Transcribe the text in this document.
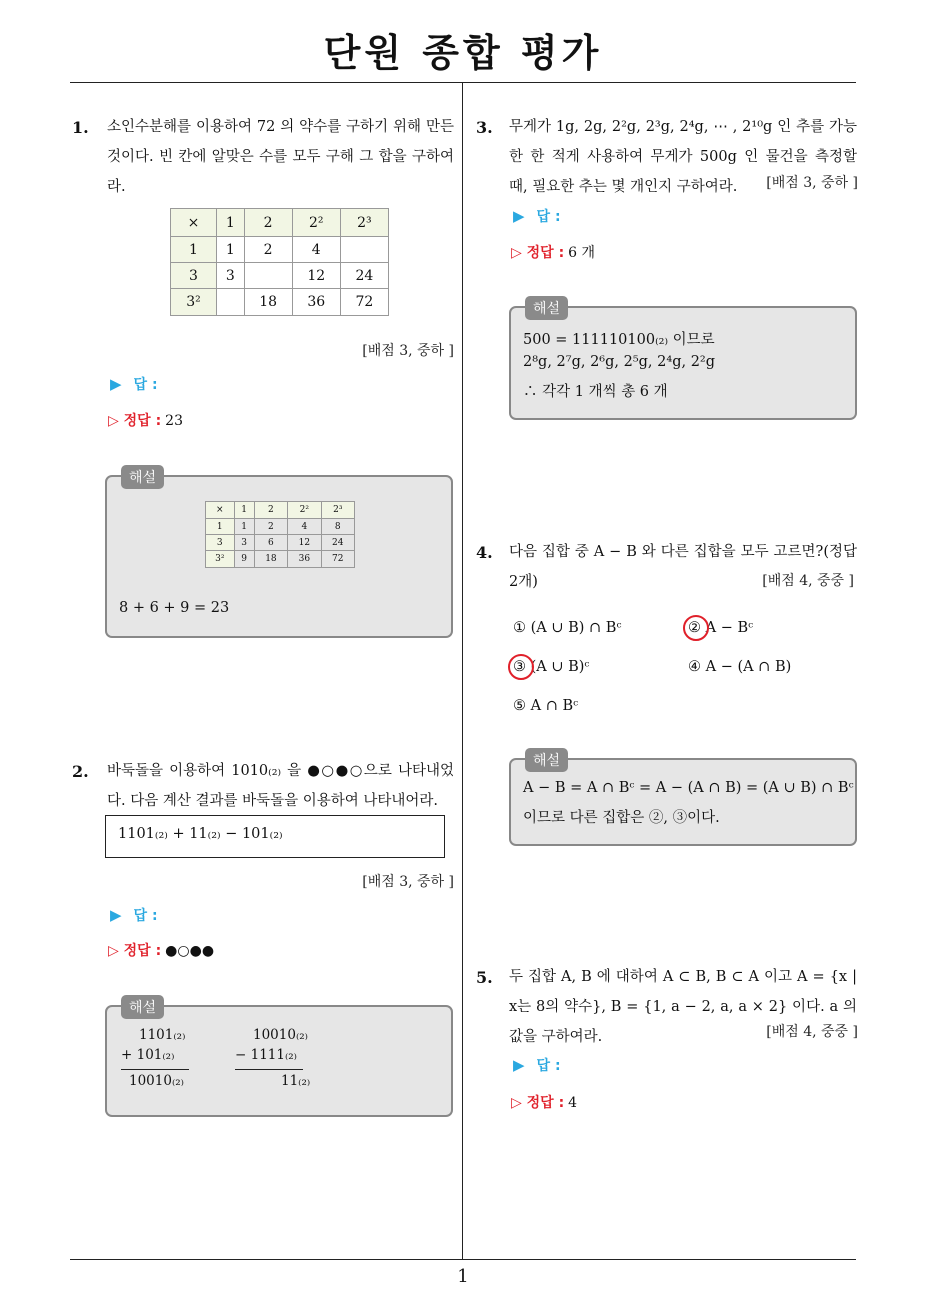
단원 종합 평가
1
1. 소인수분해를 이용하여 72 의 약수를 구하기 위해 만든 것이다. 빈 칸에 알맞은 수를 모두 구해 그 합을 구하여라.
×	1	2	2²	2³
1	1	2	4	
3	3		12	24
3²		18	36	72
[배점 3, 중하 ]
▶ 답 :
▷ 정답 : 23
해설
×	1	2	2²	2³
1	1	2	4	8
3	3	6	12	24
3²	9	18	36	72
8 + 6 + 9 = 23
2. 바둑돌을 이용하여 1010₍₂₎ 을 ●○●○으로 나타내었다. 다음 계산 결과를 바둑돌을 이용하여 나타내어라.
1101₍₂₎ + 11₍₂₎ − 101₍₂₎
[배점 3, 중하 ]
▶ 답 :
▷ 정답 : ●○●●
해설
1101₍₂₎
+ 101₍₂₎
10010₍₂₎
10010₍₂₎
− 1111₍₂₎
11₍₂₎
3. 무게가 1g, 2g, 2²g, 2³g, 2⁴g, ⋯ , 2¹⁰g 인 추를 가능한 한 적게 사용하여 무게가 500g 인 물건을 측정할 때, 필요한 추는 몇 개인지 구하여라.	[배점 3, 중하 ]
▶ 답 :
▷ 정답 : 6 개
해설
500 = 111110100₍₂₎ 이므로
2⁸g, 2⁷g, 2⁶g, 2⁵g, 2⁴g, 2²g
∴ 각각 1 개씩 총 6 개
4. 다음 집합 중 A − B 와 다른 집합을 모두 고르면?(정답 2개)	[배점 4, 중중 ]
① (A ∪ B) ∩ Bᶜ	② A − Bᶜ
③ (A ∪ B)ᶜ	④ A − (A ∩ B)
⑤ A ∩ Bᶜ
해설
A − B = A ∩ Bᶜ = A − (A ∩ B) = (A ∪ B) ∩ Bᶜ
이므로 다른 집합은 ②, ③이다.
5. 두 집합 A, B 에 대하여 A ⊂ B, B ⊂ A 이고 A = {x | x는 8의 약수}, B = {1, a − 2, a, a × 2} 이다. a 의 값을 구하여라.	[배점 4, 중중 ]
▶ 답 :
▷ 정답 : 4
